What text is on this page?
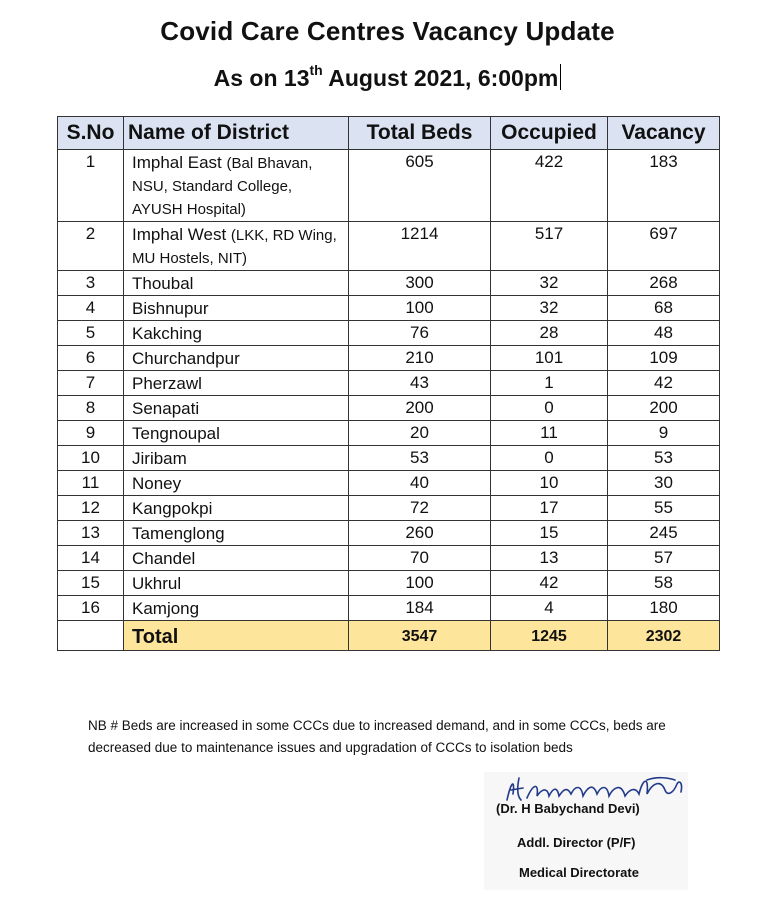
Covid Care Centres Vacancy Update
As on 13th August 2021, 6:00pm
S.No	Name of District	Total Beds	Occupied	Vacancy
1	Imphal East (Bal Bhavan, NSU, Standard College, AYUSH Hospital)	605	422	183
2	Imphal West (LKK, RD Wing, MU Hostels, NIT)	1214	517	697
3	Thoubal	300	32	268
4	Bishnupur	100	32	68
5	Kakching	76	28	48
6	Churchandpur	210	101	109
7	Pherzawl	43	1	42
8	Senapati	200	0	200
9	Tengnoupal	20	11	9
10	Jiribam	53	0	53
11	Noney	40	10	30
12	Kangpokpi	72	17	55
13	Tamenglong	260	15	245
14	Chandel	70	13	57
15	Ukhrul	100	42	58
16	Kamjong	184	4	180
	Total	3547	1245	2302
NB # Beds are increased in some CCCs due to increased demand, and in some CCCs, beds are decreased due to maintenance issues and upgradation of CCCs to isolation beds
(Dr. H Babychand Devi)
Addl. Director (P/F)
Medical Directorate
